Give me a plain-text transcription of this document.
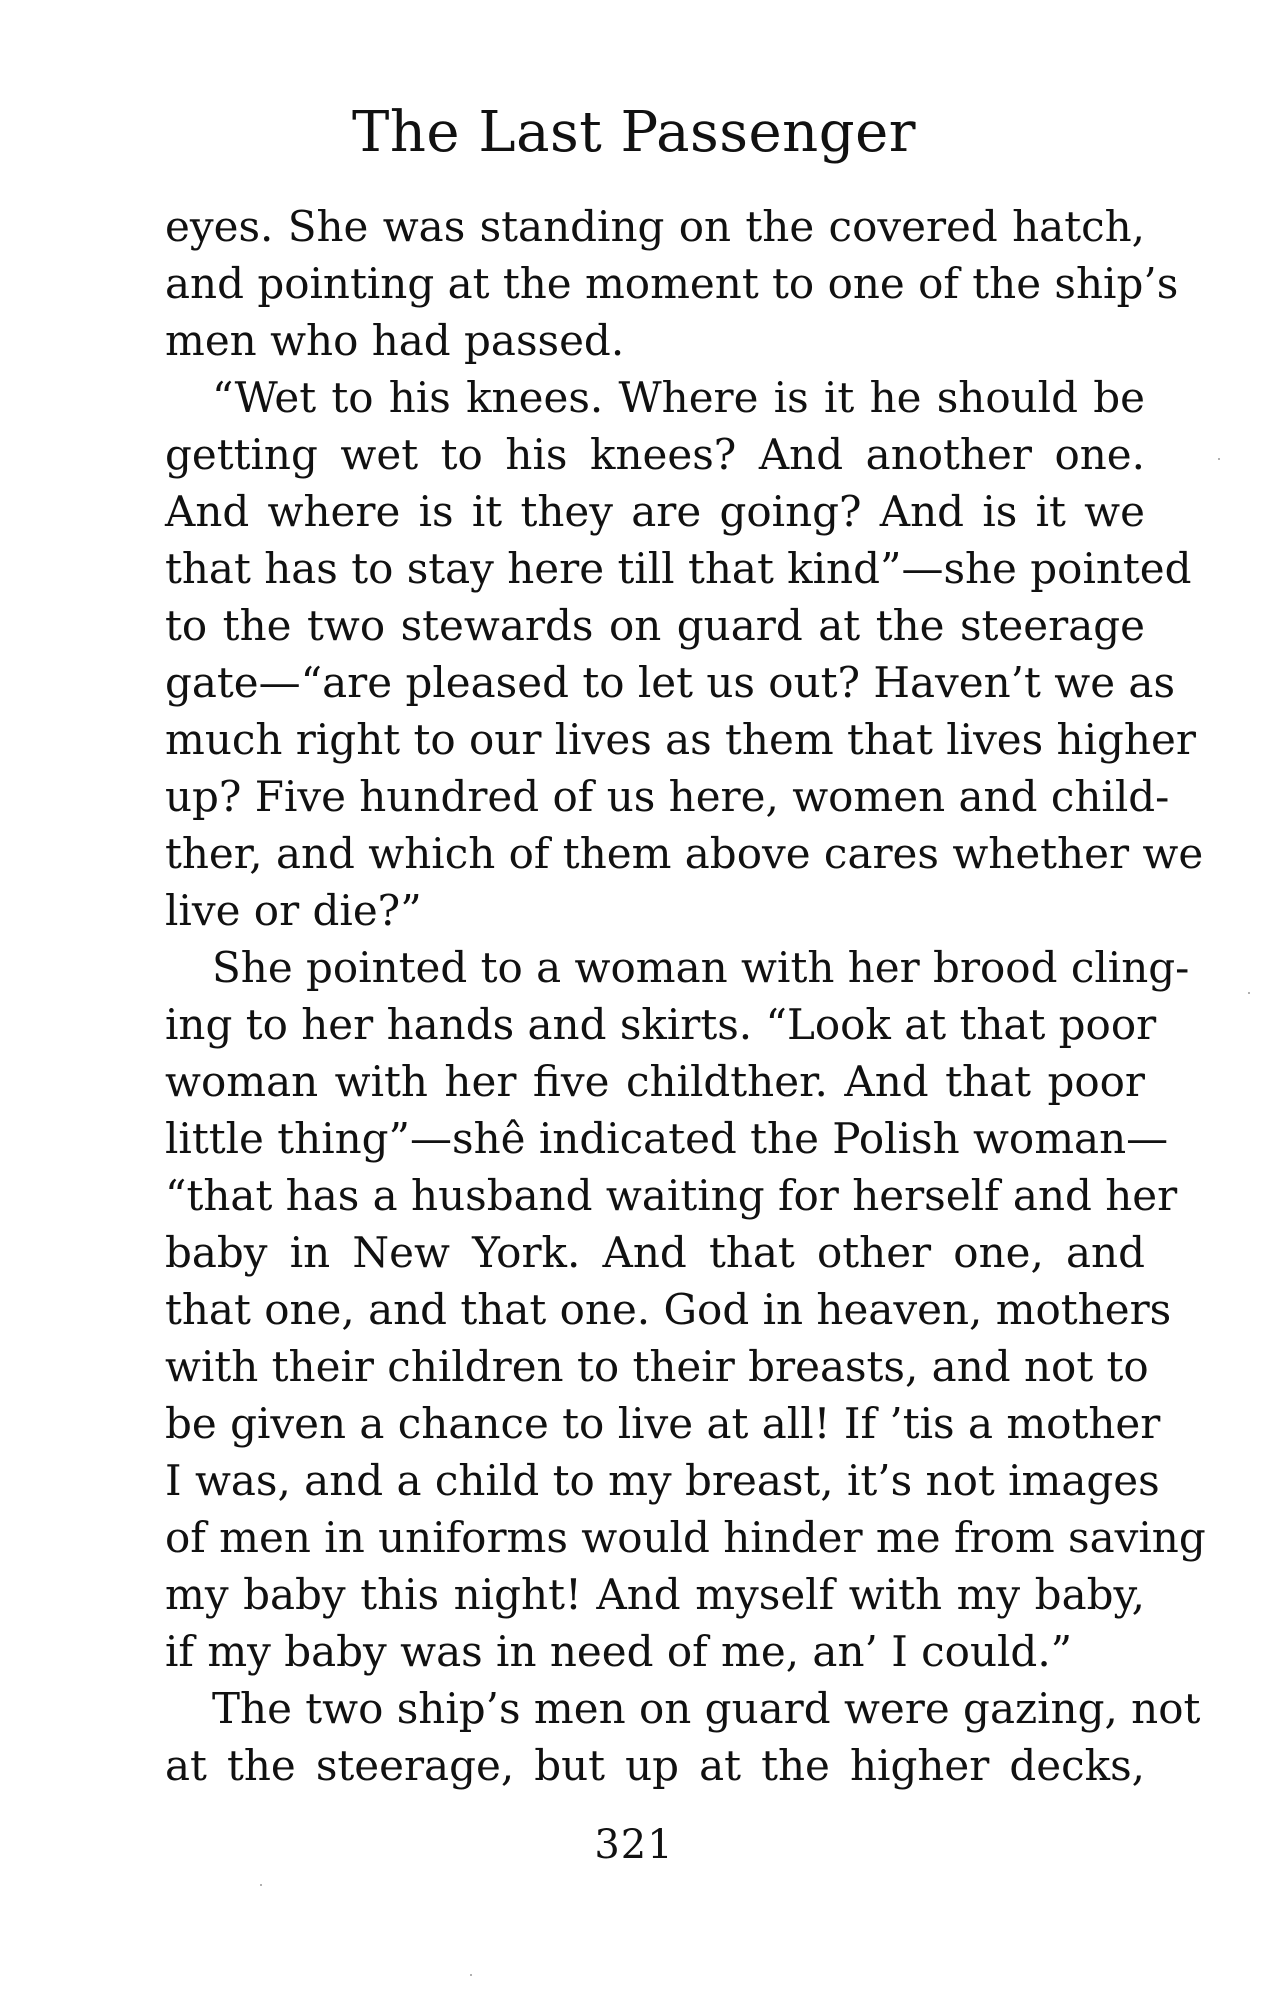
The Last Passenger
eyes. She was standing on the covered hatch,
and pointing at the moment to one of the ship’s
men who had passed.
“Wet to his knees. Where is it he should be
getting wet to his knees? And another one.
And where is it they are going? And is it we
that has to stay here till that kind”—she pointed
to the two stewards on guard at the steerage
gate—“are pleased to let us out? Haven’t we as
much right to our lives as them that lives higher
up? Five hundred of us here, women and child-
ther, and which of them above cares whether we
live or die?”
She pointed to a woman with her brood cling-
ing to her hands and skirts. “Look at that poor
woman with her five childther. And that poor
little thing”—shê indicated the Polish woman—
“that has a husband waiting for herself and her
baby in New York. And that other one, and
that one, and that one. God in heaven, mothers
with their children to their breasts, and not to
be given a chance to live at all! If ’tis a mother
I was, and a child to my breast, it’s not images
of men in uniforms would hinder me from saving
my baby this night! And myself with my baby,
if my baby was in need of me, an’ I could.”
The two ship’s men on guard were gazing, not
at the steerage, but up at the higher decks,
321
